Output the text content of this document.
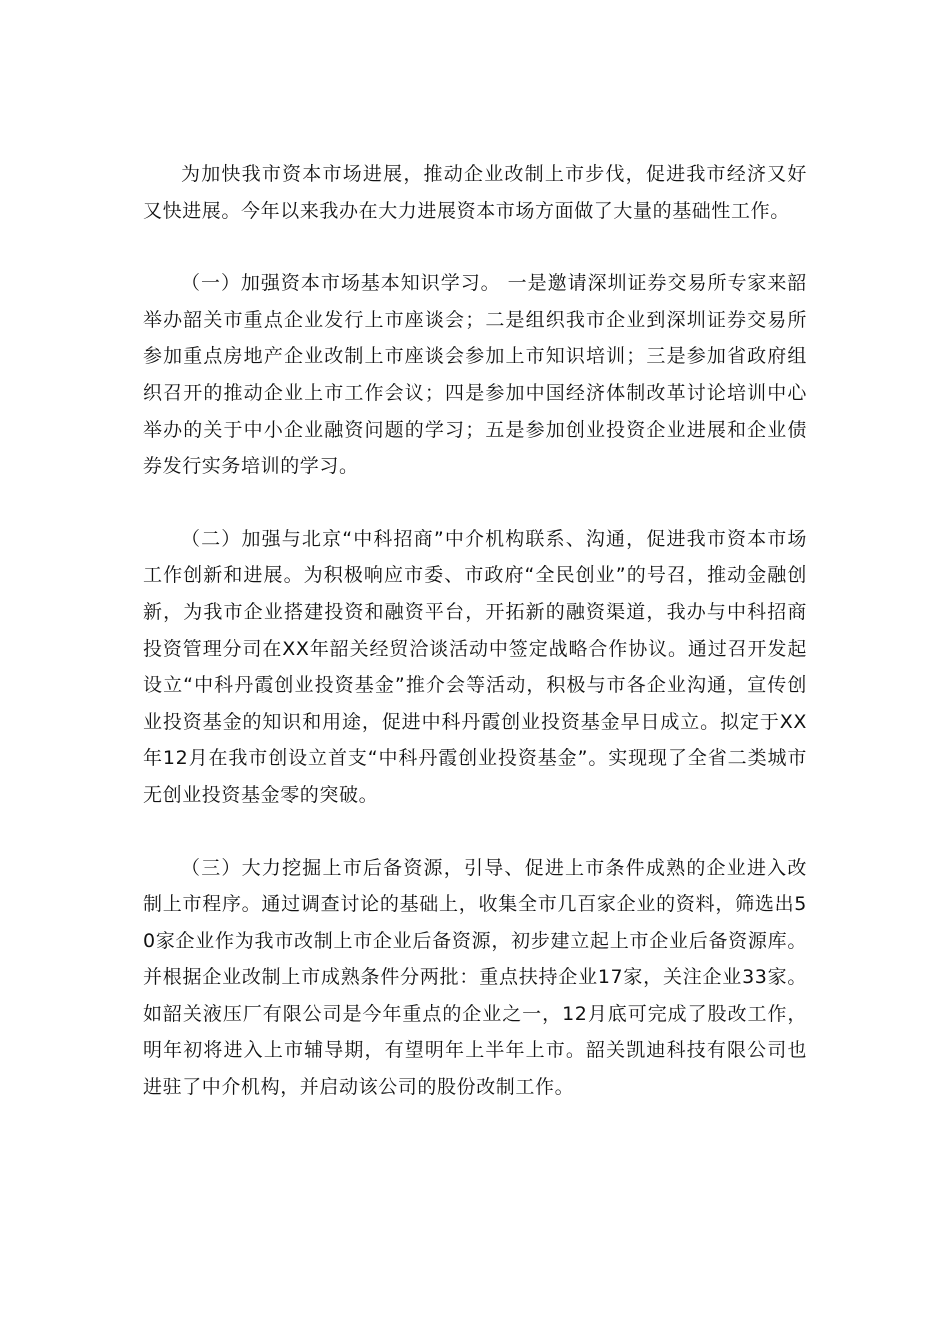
为加快我市资本市场进展，推动企业改制上市步伐，促进我市经济又好又快进展。今年以来我办在大力进展资本市场方面做了大量的基础性工作。

（一）加强资本市场基本知识学习。 一是邀请深圳证券交易所专家来韶举办韶关市重点企业发行上市座谈会；二是组织我市企业到深圳证券交易所参加重点房地产企业改制上市座谈会参加上市知识培训；三是参加省政府组织召开的推动企业上市工作会议；四是参加中国经济体制改革讨论培训中心举办的关于中小企业融资问题的学习；五是参加创业投资企业进展和企业债券发行实务培训的学习。

（二）加强与北京“中科招商”中介机构联系、沟通，促进我市资本市场工作创新和进展。为积极响应市委、市政府“全民创业”的号召，推动金融创新，为我市企业搭建投资和融资平台，开拓新的融资渠道，我办与中科招商投资管理分司在XX年韶关经贸洽谈活动中签定战略合作协议。通过召开发起设立“中科丹霞创业投资基金”推介会等活动，积极与市各企业沟通，宣传创业投资基金的知识和用途，促进中科丹霞创业投资基金早日成立。拟定于XX年12月在我市创设立首支“中科丹霞创业投资基金”。实现现了全省二类城市无创业投资基金零的突破。

（三）大力挖掘上市后备资源，引导、促进上市条件成熟的企业进入改制上市程序。通过调查讨论的基础上，收集全市几百家企业的资料，筛选出50家企业作为我市改制上市企业后备资源，初步建立起上市企业后备资源库。并根据企业改制上市成熟条件分两批：重点扶持企业17家，关注企业33家。如韶关液压厂有限公司是今年重点的企业之一，12月底可完成了股改工作，明年初将进入上市辅导期，有望明年上半年上市。韶关凯迪科技有限公司也进驻了中介机构，并启动该公司的股份改制工作。
